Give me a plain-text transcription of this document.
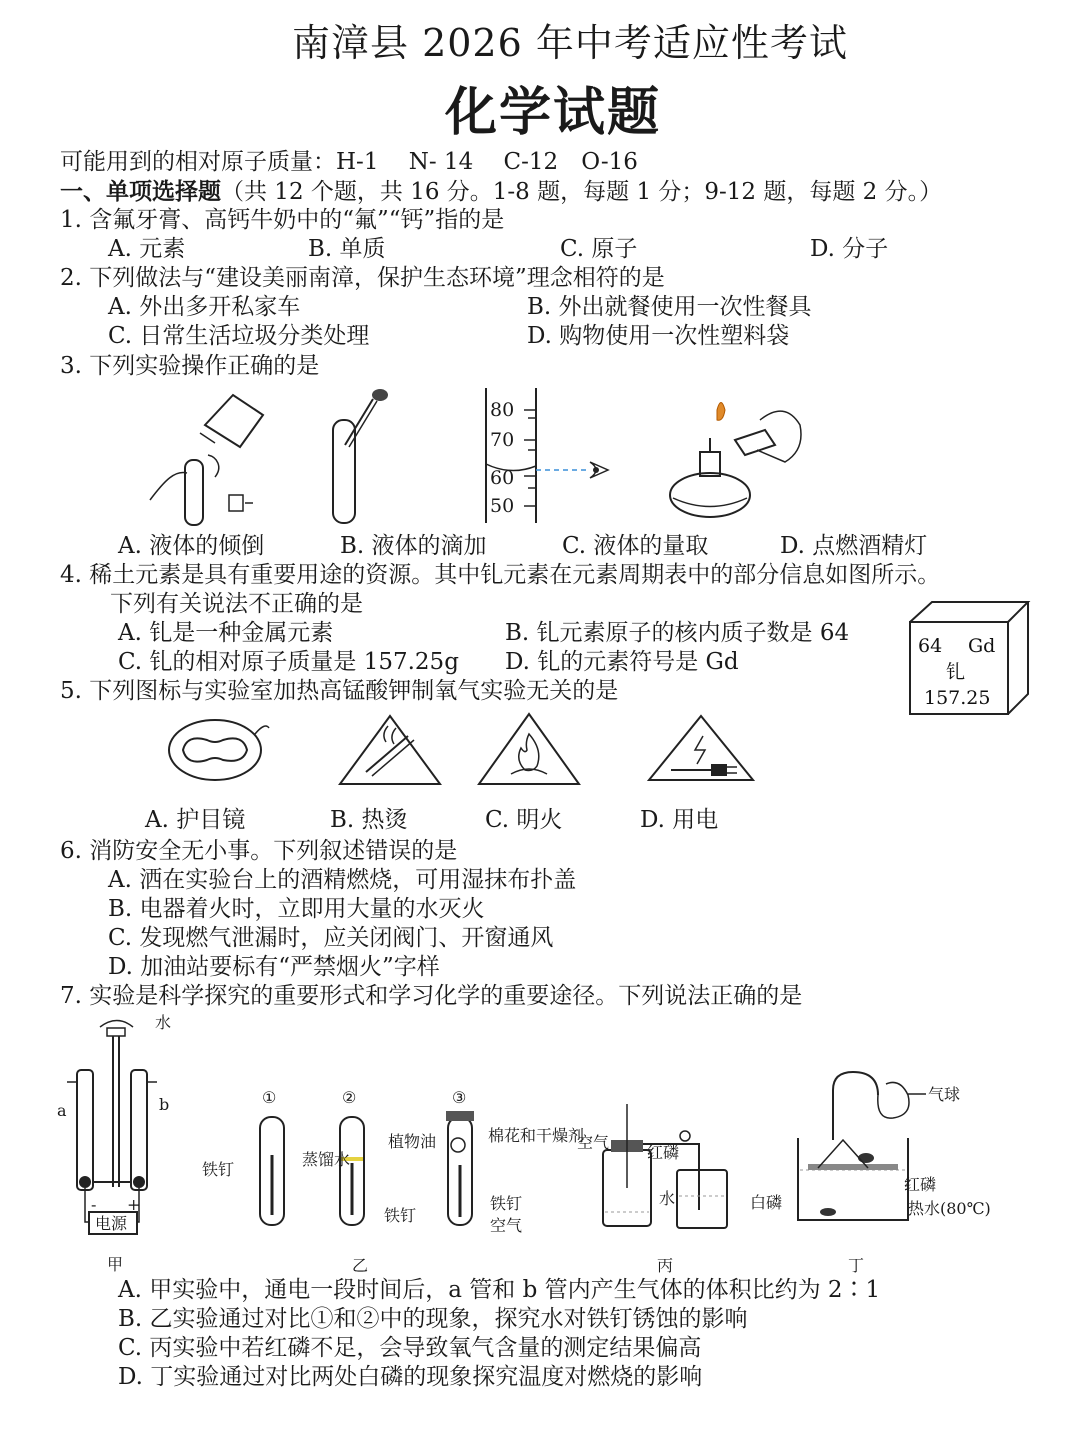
南漳县 2026 年中考适应性考试
化学试题
可能用到的相对原子质量：H-1　 N- 14　 C-12　O-16
一、单项选择题（共 12 个题，共 16 分。1-8 题，每题 1 分；9-12 题，每题 2 分。）
1. 含氟牙膏、高钙牛奶中的“氟”“钙”指的是
A. 元素	B. 单质	C. 原子	D. 分子
2. 下列做法与“建设美丽南漳，保护生态环境”理念相符的是
A. 外出多开私家车	B. 外出就餐使用一次性餐具
C. 日常生活垃圾分类处理	D. 购物使用一次性塑料袋
3. 下列实验操作正确的是
80
70
60
50
A. 液体的倾倒	B. 液体的滴加	C. 液体的量取	D. 点燃酒精灯
4. 稀土元素是具有重要用途的资源。其中钆元素在元素周期表中的部分信息如图所示。
下列有关说法不正确的是
A. 钆是一种金属元素	B. 钆元素原子的核内质子数是 64
C. 钆的相对原子质量是 157.25g D. 钆的元素符号是 Gd
64 Gd
钆
157.25
5. 下列图标与实验室加热高锰酸钾制氧气实验无关的是
A. 护目镜	B. 热烫	C. 明火	D. 用电
6. 消防安全无小事。下列叙述错误的是
A. 洒在实验台上的酒精燃烧，可用湿抹布扑盖
B. 电器着火时，立即用大量的水灭火
C. 发现燃气泄漏时，应关闭阀门、开窗通风
D. 加油站要标有“严禁烟火”字样
7. 实验是科学探究的重要形式和学习化学的重要途径。下列说法正确的是
水
a	b
电源
- +
甲
①	②	③
铁钉
蒸馏水
植物油
铁钉
棉花和干燥剂
铁钉
空气
乙
空气
红磷
水
丙
气球
白磷
红磷
热水(80℃)
丁
A. 甲实验中，通电一段时间后，a 管和 b 管内产生气体的体积比约为 2∶1
B. 乙实验通过对比①和②中的现象，探究水对铁钉锈蚀的影响
C. 丙实验中若红磷不足，会导致氧气含量的测定结果偏高
D. 丁实验通过对比两处白磷的现象探究温度对燃烧的影响
